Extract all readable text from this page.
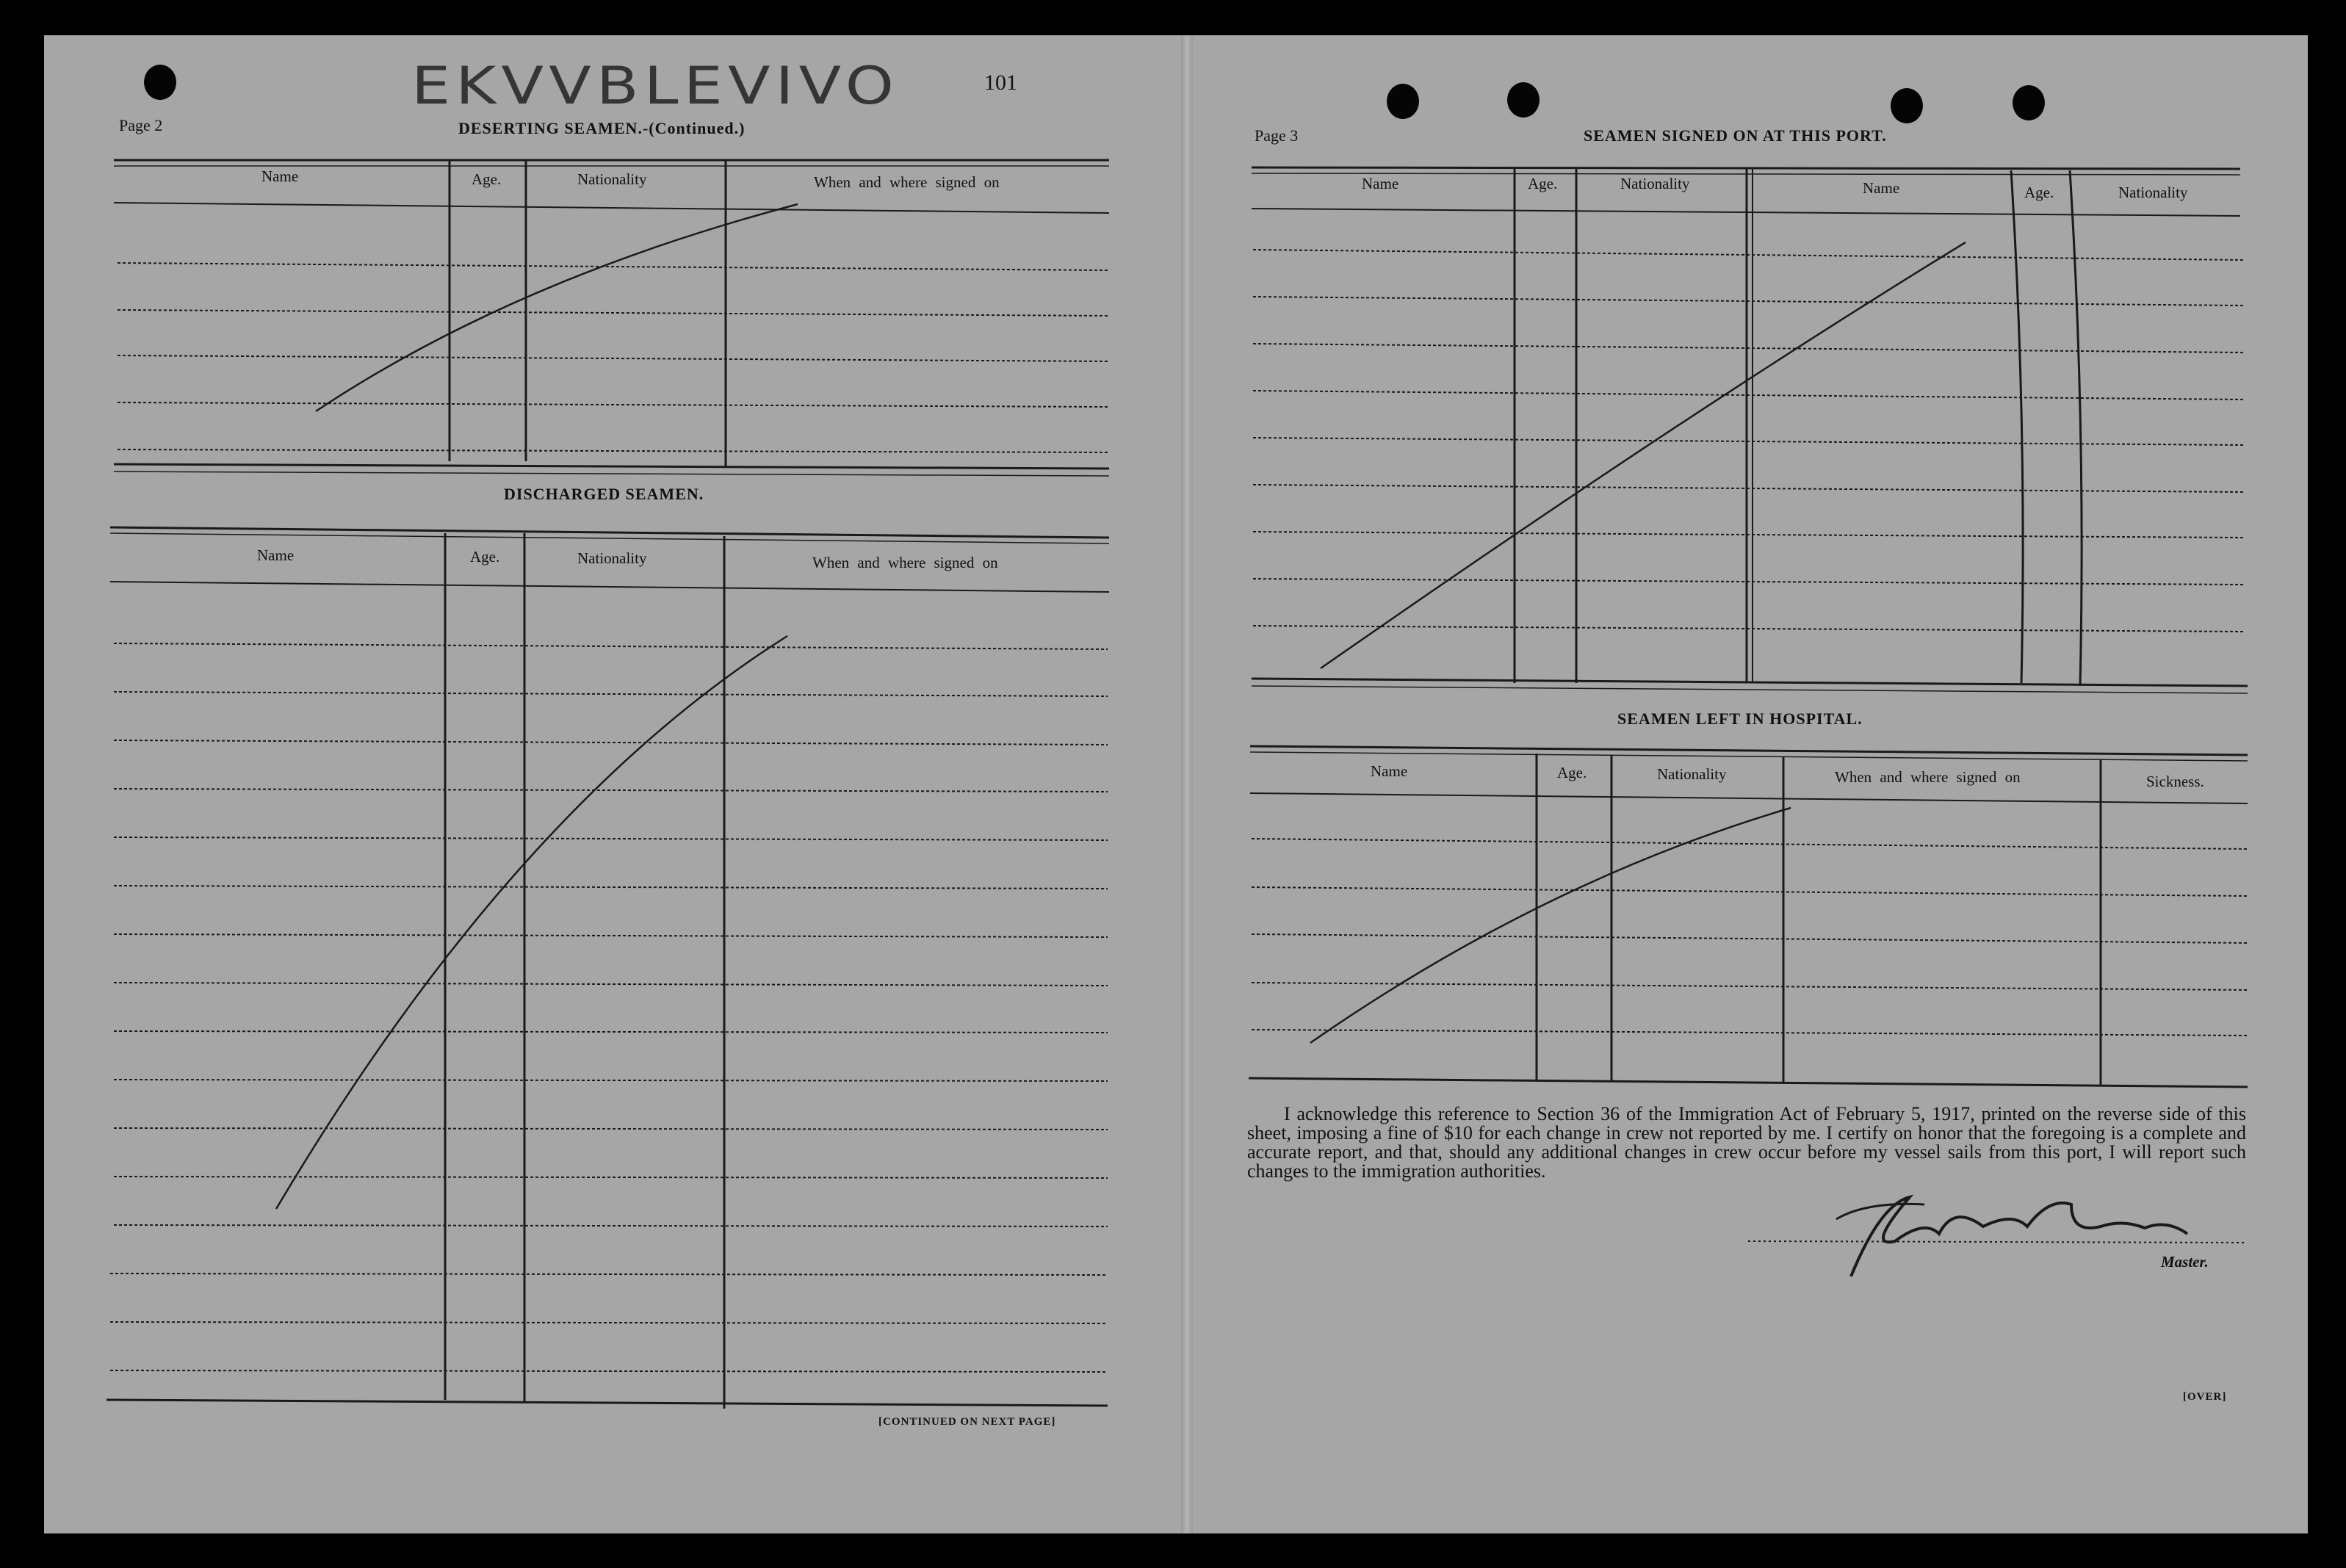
EKVVBLEVIVO	101
Page 2	DESERTING SEAMEN.-(Continued.)
Name	Age.	Nationality	When and where signed on
DISCHARGED SEAMEN.
Name	Age.	Nationality	When and where signed on
[CONTINUED ON NEXT PAGE]
Page 3	SEAMEN SIGNED ON AT THIS PORT.
Name	Age.	Nationality	Name	Age.	Nationality
SEAMEN LEFT IN HOSPITAL.
Name	Age.	Nationality	When and where signed on	Sickness.
I acknowledge this reference to Section 36 of the Immigration Act of February 5, 1917, printed on the reverse side of this sheet, imposing a fine of $10 for each change in crew not reported by me. I certify on honor that the foregoing is a complete and accurate report, and that, should any additional changes in crew occur before my vessel sails from this port, I will report such changes to the immigration authorities.
Master.
[OVER]
